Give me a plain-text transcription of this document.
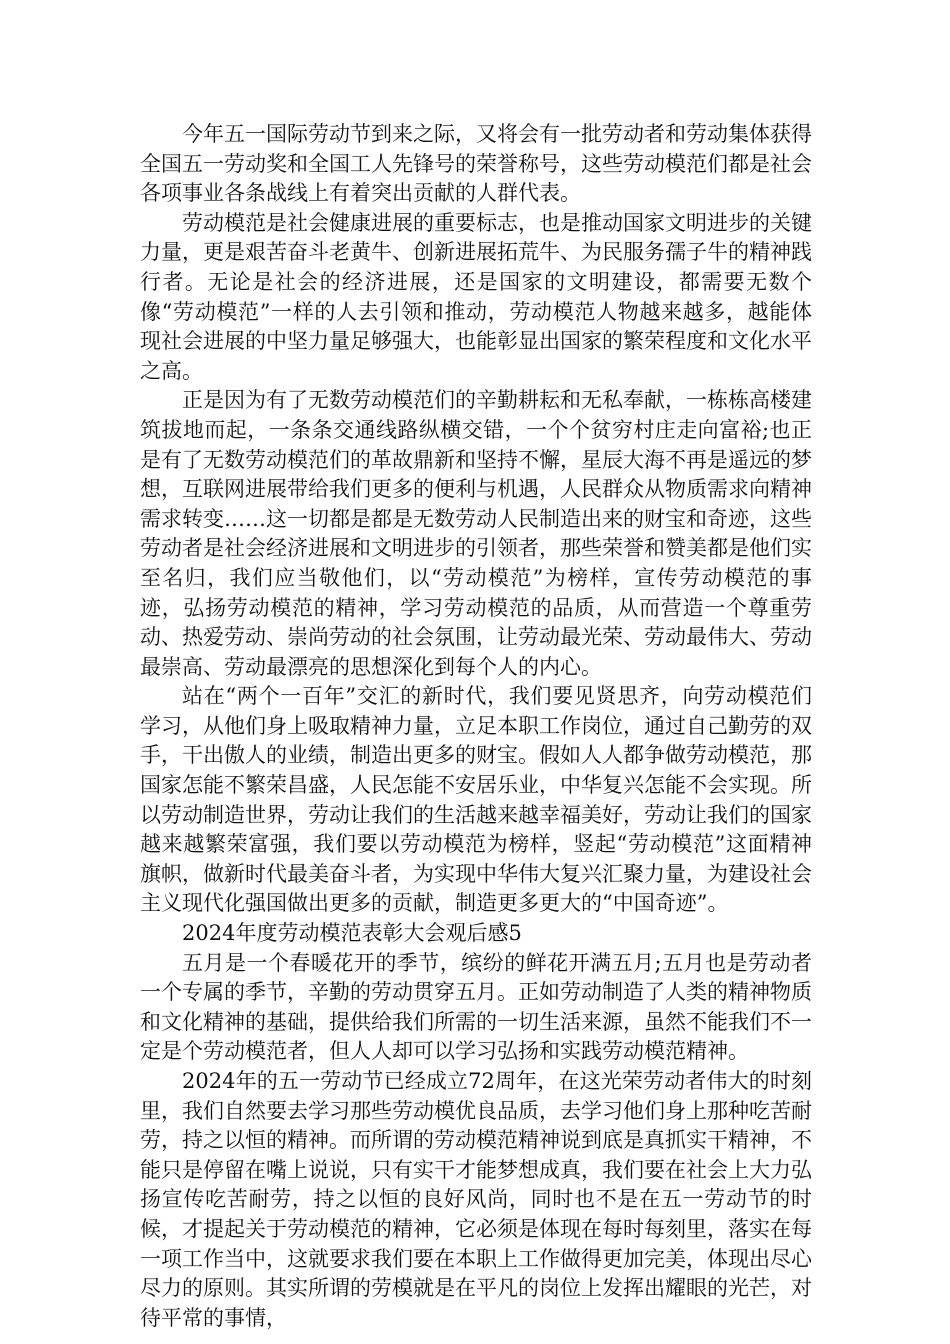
今年五一国际劳动节到来之际，又将会有一批劳动者和劳动集体获得全国五一劳动奖和全国工人先锋号的荣誉称号，这些劳动模范们都是社会各项事业各条战线上有着突出贡献的人群代表。

劳动模范是社会健康进展的重要标志，也是推动国家文明进步的关键力量，更是艰苦奋斗老黄牛、创新进展拓荒牛、为民服务孺子牛的精神践行者。无论是社会的经济进展，还是国家的文明建设，都需要无数个像“劳动模范”一样的人去引领和推动，劳动模范人物越来越多，越能体现社会进展的中坚力量足够强大，也能彰显出国家的繁荣程度和文化水平之高。

正是因为有了无数劳动模范们的辛勤耕耘和无私奉献，一栋栋高楼建筑拔地而起，一条条交通线路纵横交错，一个个贫穷村庄走向富裕;也正是有了无数劳动模范们的革故鼎新和坚持不懈，星辰大海不再是遥远的梦想，互联网进展带给我们更多的便利与机遇，人民群众从物质需求向精神需求转变……这一切都是都是无数劳动人民制造出来的财宝和奇迹，这些劳动者是社会经济进展和文明进步的引领者，那些荣誉和赞美都是他们实至名归，我们应当敬他们，以“劳动模范”为榜样，宣传劳动模范的事迹，弘扬劳动模范的精神，学习劳动模范的品质，从而营造一个尊重劳动、热爱劳动、崇尚劳动的社会氛围，让劳动最光荣、劳动最伟大、劳动最崇高、劳动最漂亮的思想深化到每个人的内心。

站在“两个一百年”交汇的新时代，我们要见贤思齐，向劳动模范们学习，从他们身上吸取精神力量，立足本职工作岗位，通过自己勤劳的双手，干出傲人的业绩，制造出更多的财宝。假如人人都争做劳动模范，那国家怎能不繁荣昌盛，人民怎能不安居乐业，中华复兴怎能不会实现。所以劳动制造世界，劳动让我们的生活越来越幸福美好，劳动让我们的国家越来越繁荣富强，我们要以劳动模范为榜样，竖起“劳动模范”这面精神旗帜，做新时代最美奋斗者，为实现中华伟大复兴汇聚力量，为建设社会主义现代化强国做出更多的贡献，制造更多更大的“中国奇迹”。

2024年度劳动模范表彰大会观后感5

五月是一个春暖花开的季节，缤纷的鲜花开满五月;五月也是劳动者一个专属的季节，辛勤的劳动贯穿五月。正如劳动制造了人类的精神物质和文化精神的基础，提供给我们所需的一切生活来源，虽然不能我们不一定是个劳动模范者，但人人却可以学习弘扬和实践劳动模范精神。

2024年的五一劳动节已经成立72周年，在这光荣劳动者伟大的时刻里，我们自然要去学习那些劳动模优良品质，去学习他们身上那种吃苦耐劳，持之以恒的精神。而所谓的劳动模范精神说到底是真抓实干精神，不能只是停留在嘴上说说，只有实干才能梦想成真，我们要在社会上大力弘扬宣传吃苦耐劳，持之以恒的良好风尚，同时也不是在五一劳动节的时候，才提起关于劳动模范的精神，它必须是体现在每时每刻里，落实在每一项工作当中，这就要求我们要在本职上工作做得更加完美，体现出尽心尽力的原则。其实所谓的劳模就是在平凡的岗位上发挥出耀眼的光芒，对待平常的事情，
